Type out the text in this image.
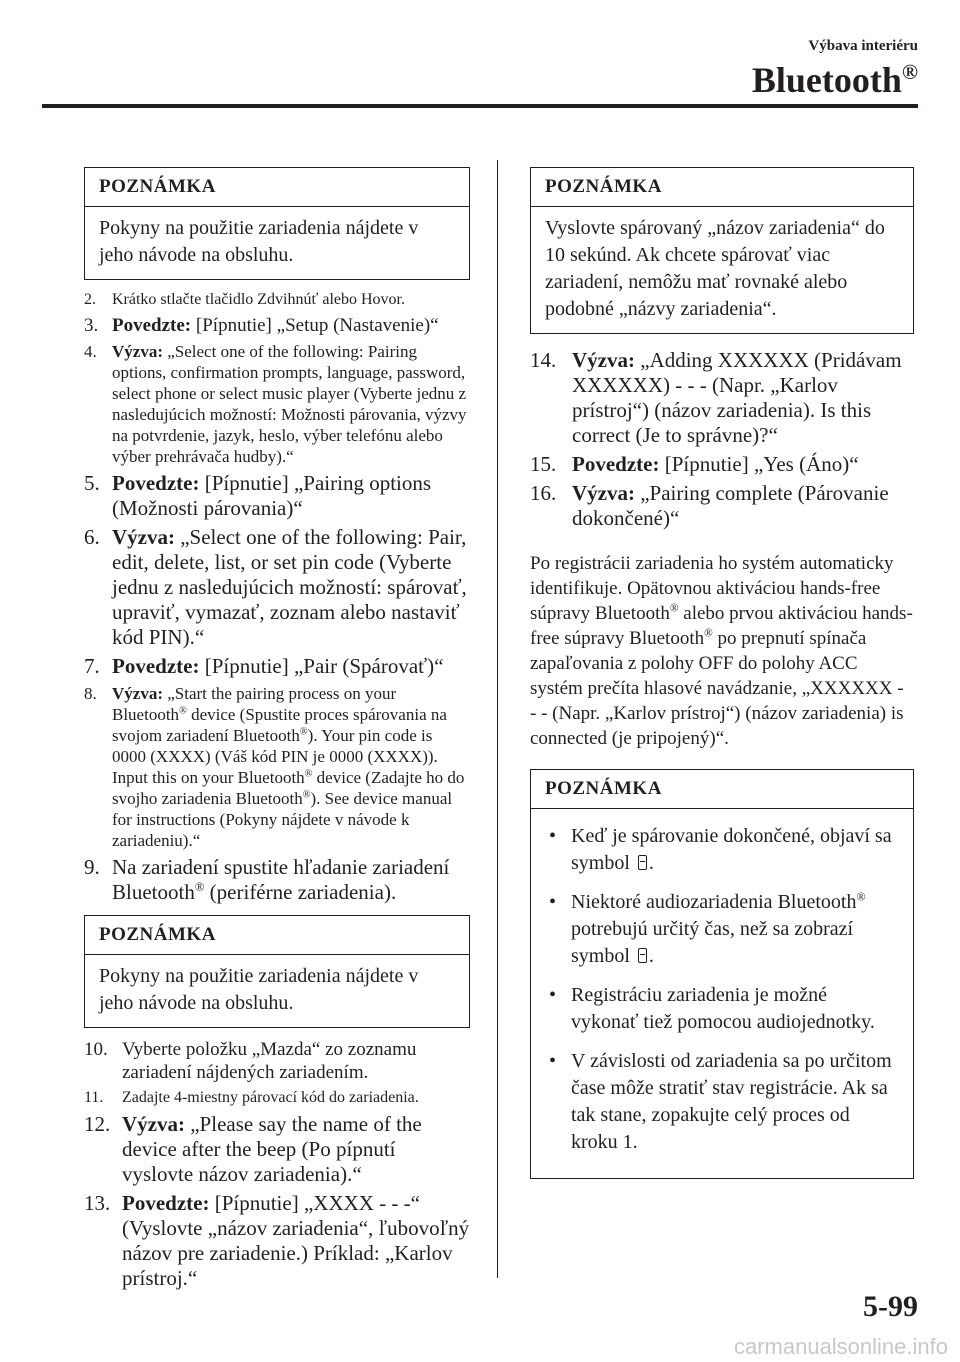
Výbava interiéru
Bluetooth®
POZNÁMKA
Pokyny na použitie zariadenia nájdete v jeho návode na obsluhu.
2.	Krátko stlačte tlačidlo Zdvihnúť alebo Hovor.
3. Povedzte: [Pípnutie] „Setup (Nastavenie)“
4. Výzva: „Select one of the following: Pairing options, confirmation prompts, language, password, select phone or select music player (Vyberte jednu z nasledujúcich možností: Možnosti párovania, výzvy na potvrdenie, jazyk, heslo, výber telefónu alebo výber prehrávača hudby).“
5. Povedzte: [Pípnutie] „Pairing options (Možnosti párovania)“
6. Výzva: „Select one of the following: Pair, edit, delete, list, or set pin code (Vyberte jednu z nasledujúcich možností: spárovať, upraviť, vymazať, zoznam alebo nastaviť kód PIN).“
7. Povedzte: [Pípnutie] „Pair (Spárovať)“
8. Výzva: „Start the pairing process on your Bluetooth® device (Spustite proces spárovania na svojom zariadení Bluetooth®). Your pin code is 0000 (XXXX) (Váš kód PIN je 0000 (XXXX)). Input this on your Bluetooth® device (Zadajte ho do svojho zariadenia Bluetooth®). See device manual for instructions (Pokyny nájdete v návode k zariadeniu).“
9. Na zariadení spustite hľadanie zariadení Bluetooth® (periférne zariadenia).
POZNÁMKA
Pokyny na použitie zariadenia nájdete v jeho návode na obsluhu.
10. Vyberte položku „Mazda“ zo zoznamu zariadení nájdených zariadením.
11.	Zadajte 4-miestny párovací kód do zariadenia.
12. Výzva: „Please say the name of the device after the beep (Po pípnutí vyslovte názov zariadenia).“
13. Povedzte: [Pípnutie] „XXXX - - -“ (Vyslovte „názov zariadenia“, ľubovoľný názov pre zariadenie.) Príklad: „Karlov prístroj.“
POZNÁMKA
Vyslovte spárovaný „názov zariadenia“ do 10 sekúnd. Ak chcete spárovať viac zariadení, nemôžu mať rovnaké alebo podobné „názvy zariadenia“.
14. Výzva: „Adding XXXXXX (Pridávam XXXXXX) - - - (Napr. „Karlov prístroj“) (názov zariadenia). Is this correct (Je to správne)?“
15. Povedzte: [Pípnutie] „Yes (Áno)“
16. Výzva: „Pairing complete (Párovanie dokončené)“

Po registrácii zariadenia ho systém automaticky identifikuje. Opätovnou aktiváciou hands-free súpravy Bluetooth® alebo prvou aktiváciou hands-free súpravy Bluetooth® po prepnutí spínača zapaľovania z polohy OFF do polohy ACC systém prečíta hlasové navádzanie, „XXXXXX - - - (Napr. „Karlov prístroj“) (názov zariadenia) is connected (je pripojený)“.

POZNÁMKA
• Keď je spárovanie dokončené, objaví sa symbol .
• Niektoré audiozariadenia Bluetooth® potrebujú určitý čas, než sa zobrazí symbol .
• Registráciu zariadenia je možné vykonať tiež pomocou audiojednotky.
• V závislosti od zariadenia sa po určitom čase môže stratiť stav registrácie. Ak sa tak stane, zopakujte celý proces od kroku 1.
5-99
carmanualsonline.info
